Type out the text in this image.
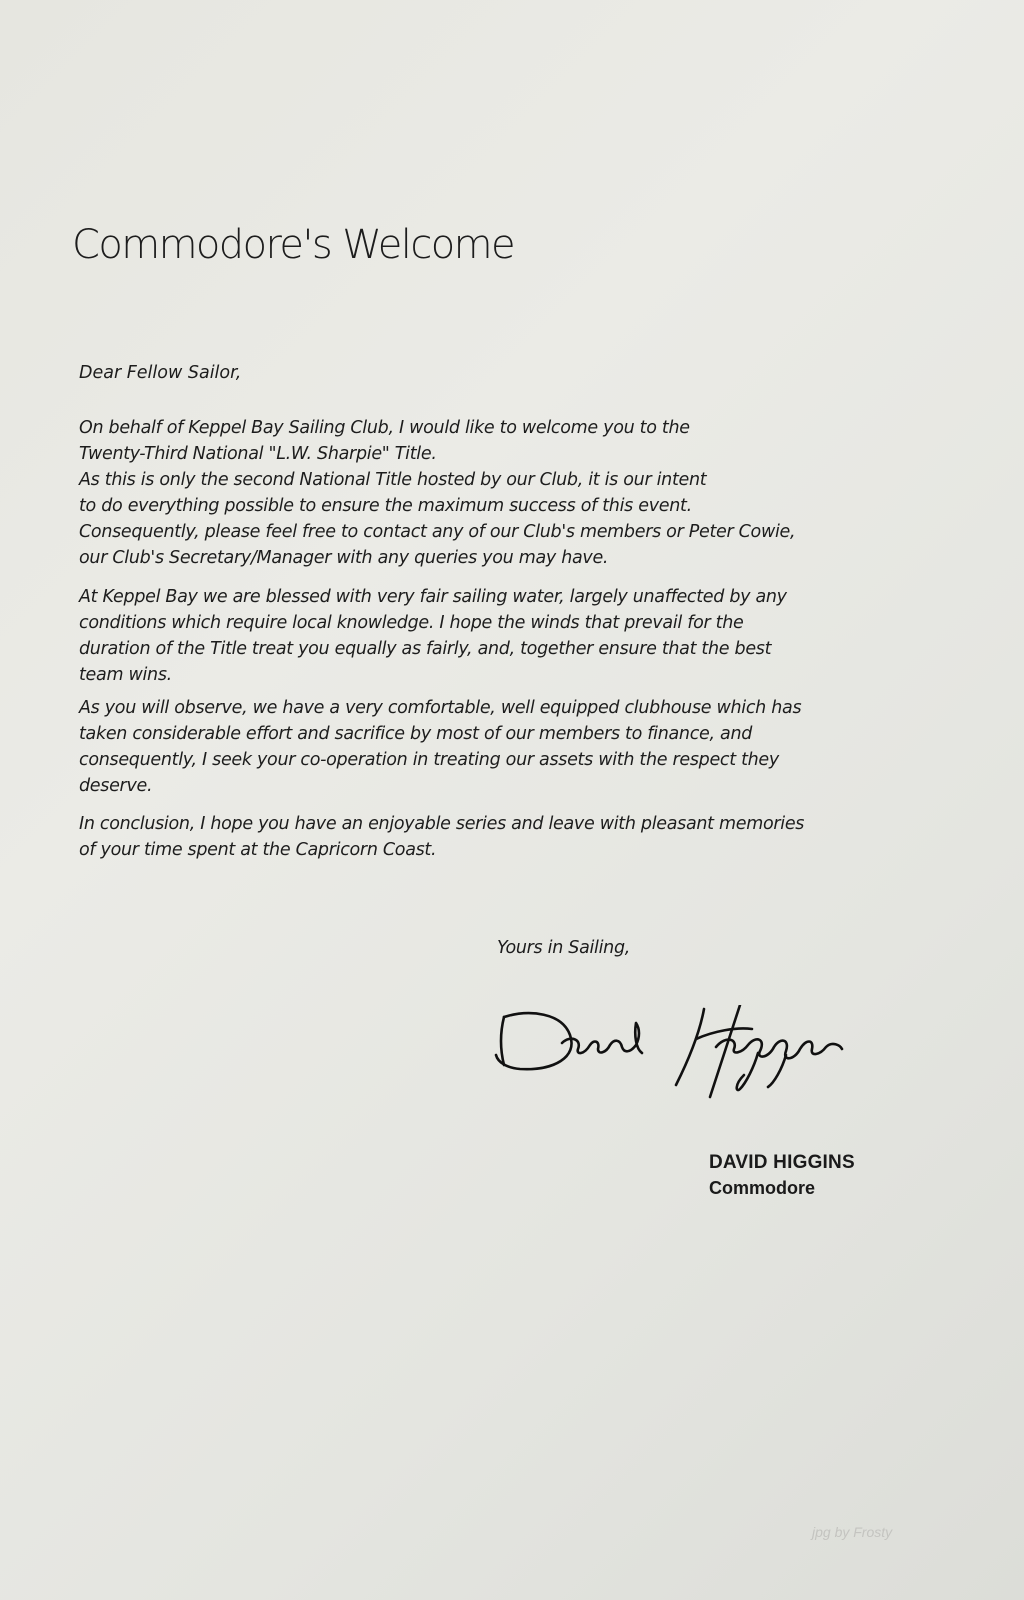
Commodore's Welcome
Dear Fellow Sailor,
On behalf of Keppel Bay Sailing Club, I would like to welcome you to the
Twenty-Third National "L.W. Sharpie" Title.
As this is only the second National Title hosted by our Club, it is our intent
to do everything possible to ensure the maximum success of this event.
Consequently, please feel free to contact any of our Club's members or Peter Cowie,
our Club's Secretary/Manager with any queries you may have.
At Keppel Bay we are blessed with very fair sailing water, largely unaffected by any
conditions which require local knowledge. I hope the winds that prevail for the
duration of the Title treat you equally as fairly, and, together ensure that the best
team wins.
As you will observe, we have a very comfortable, well equipped clubhouse which has
taken considerable effort and sacrifice by most of our members to finance, and
consequently, I seek your co-operation in treating our assets with the respect they
deserve.
In conclusion, I hope you have an enjoyable series and leave with pleasant memories
of your time spent at the Capricorn Coast.
Yours in Sailing,
DAVID HIGGINS
Commodore
jpg by Frosty
